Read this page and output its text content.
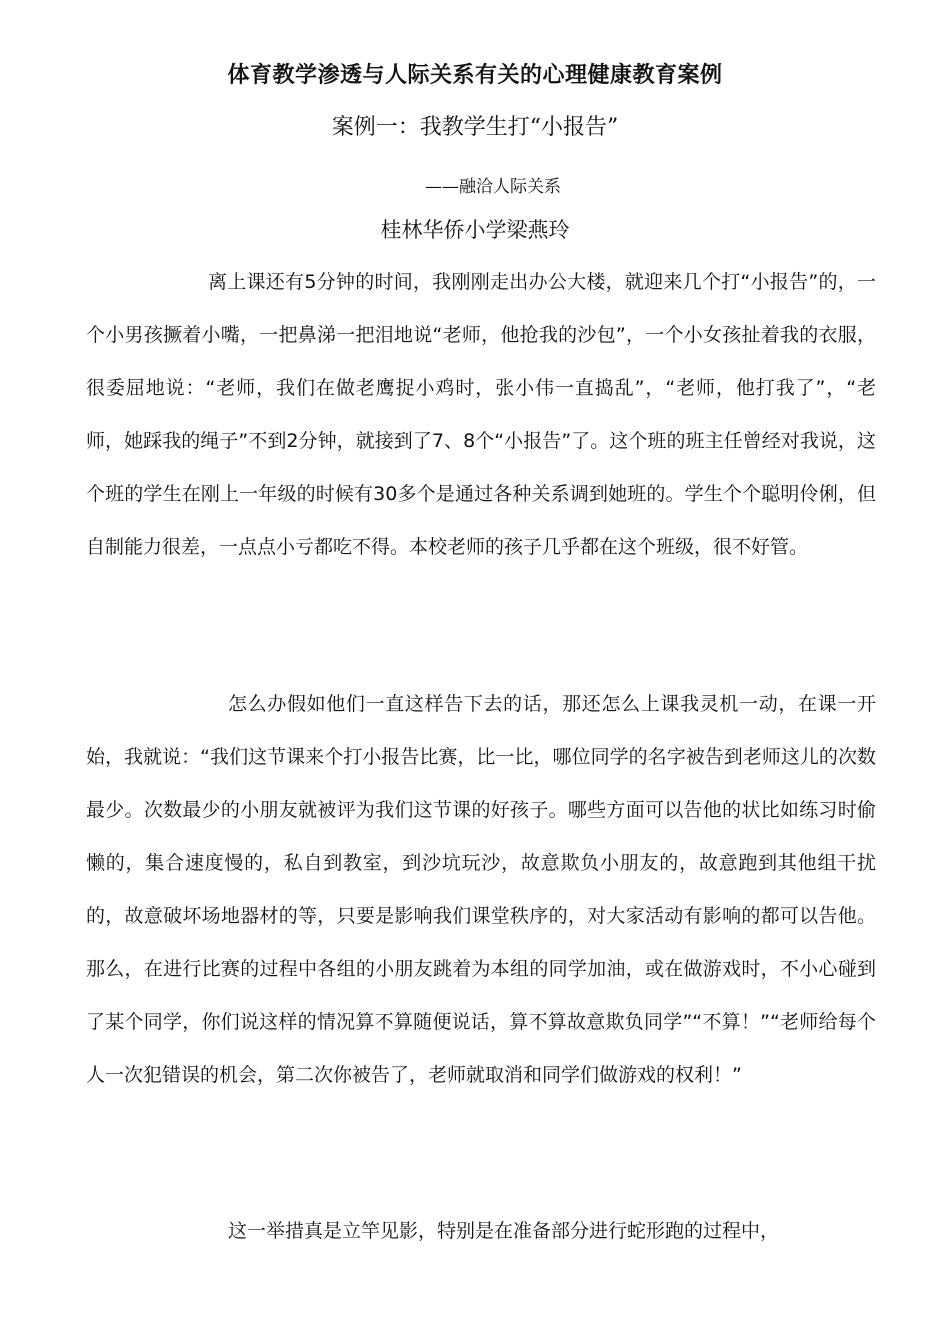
体育教学渗透与人际关系有关的心理健康教育案例
案例一：我教学生打“小报告”
——融洽人际关系
桂林华侨小学梁燕玲

离上课还有5分钟的时间，我刚刚走出办公大楼，就迎来几个打“小报告”的，一个小男孩撅着小嘴，一把鼻涕一把泪地说“老师，他抢我的沙包”，一个小女孩扯着我的衣服，很委屈地说：“老师，我们在做老鹰捉小鸡时，张小伟一直捣乱”，“老师，他打我了”，“老师，她踩我的绳子”不到2分钟，就接到了7、8个“小报告”了。这个班的班主任曾经对我说，这个班的学生在刚上一年级的时候有30多个是通过各种关系调到她班的。学生个个聪明伶俐，但自制能力很差，一点点小亏都吃不得。本校老师的孩子几乎都在这个班级，很不好管。

怎么办假如他们一直这样告下去的话，那还怎么上课我灵机一动，在课一开始，我就说：“我们这节课来个打小报告比赛，比一比，哪位同学的名字被告到老师这儿的次数最少。次数最少的小朋友就被评为我们这节课的好孩子。哪些方面可以告他的状比如练习时偷懒的，集合速度慢的，私自到教室，到沙坑玩沙，故意欺负小朋友的，故意跑到其他组干扰的，故意破坏场地器材的等，只要是影响我们课堂秩序的，对大家活动有影响的都可以告他。那么，在进行比赛的过程中各组的小朋友跳着为本组的同学加油，或在做游戏时，不小心碰到了某个同学，你们说这样的情况算不算随便说话，算不算故意欺负同学”“不算！”“老师给每个人一次犯错误的机会，第二次你被告了，老师就取消和同学们做游戏的权利！”

这一举措真是立竿见影，特别是在准备部分进行蛇形跑的过程中，
